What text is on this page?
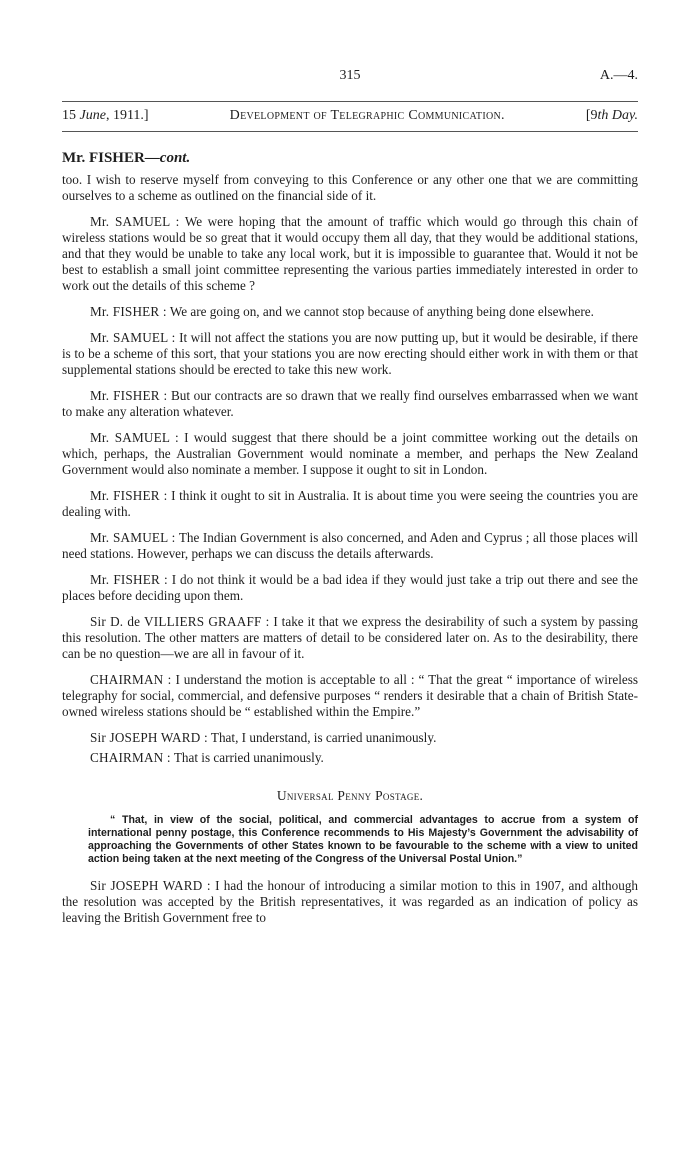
315	A.—4.
15 June, 1911.]	Development of Telegraphic Communication.	[9th Day.
Mr. FISHER—cont.

too. I wish to reserve myself from conveying to this Conference or any other one that we are committing ourselves to a scheme as outlined on the financial side of it.

Mr. SAMUEL : We were hoping that the amount of traffic which would go through this chain of wireless stations would be so great that it would occupy them all day, that they would be additional stations, and that they would be unable to take any local work, but it is impossible to guarantee that. Would it not be best to establish a small joint committee representing the various parties immediately interested in order to work out the details of this scheme ?

Mr. FISHER : We are going on, and we cannot stop because of anything being done elsewhere.

Mr. SAMUEL : It will not affect the stations you are now putting up, but it would be desirable, if there is to be a scheme of this sort, that your stations you are now erecting should either work in with them or that supplemental stations should be erected to take this new work.

Mr. FISHER : But our contracts are so drawn that we really find ourselves embarrassed when we want to make any alteration whatever.

Mr. SAMUEL : I would suggest that there should be a joint committee working out the details on which, perhaps, the Australian Government would nominate a member, and perhaps the New Zealand Government would also nominate a member. I suppose it ought to sit in London.

Mr. FISHER : I think it ought to sit in Australia. It is about time you were seeing the countries you are dealing with.

Mr. SAMUEL : The Indian Government is also concerned, and Aden and Cyprus ; all those places will need stations. However, perhaps we can discuss the details afterwards.

Mr. FISHER : I do not think it would be a bad idea if they would just take a trip out there and see the places before deciding upon them.

Sir D. de VILLIERS GRAAFF : I take it that we express the desirability of such a system by passing this resolution. The other matters are matters of detail to be considered later on. As to the desirability, there can be no question—we are all in favour of it.

CHAIRMAN : I understand the motion is acceptable to all : “ That the great “ importance of wireless telegraphy for social, commercial, and defensive purposes “ renders it desirable that a chain of British State-owned wireless stations should be “ established within the Empire.”

Sir JOSEPH WARD : That, I understand, is carried unanimously.

CHAIRMAN : That is carried unanimously.

Universal Penny Postage.

“ That, in view of the social, political, and commercial advantages to accrue from a system of international penny postage, this Conference recommends to His Majesty’s Government the advisability of approaching the Governments of other States known to be favourable to the scheme with a view to united action being taken at the next meeting of the Congress of the Universal Postal Union.”

Sir JOSEPH WARD : I had the honour of introducing a similar motion to this in 1907, and although the resolution was accepted by the British representatives, it was regarded as an indication of policy as leaving the British Government free to
